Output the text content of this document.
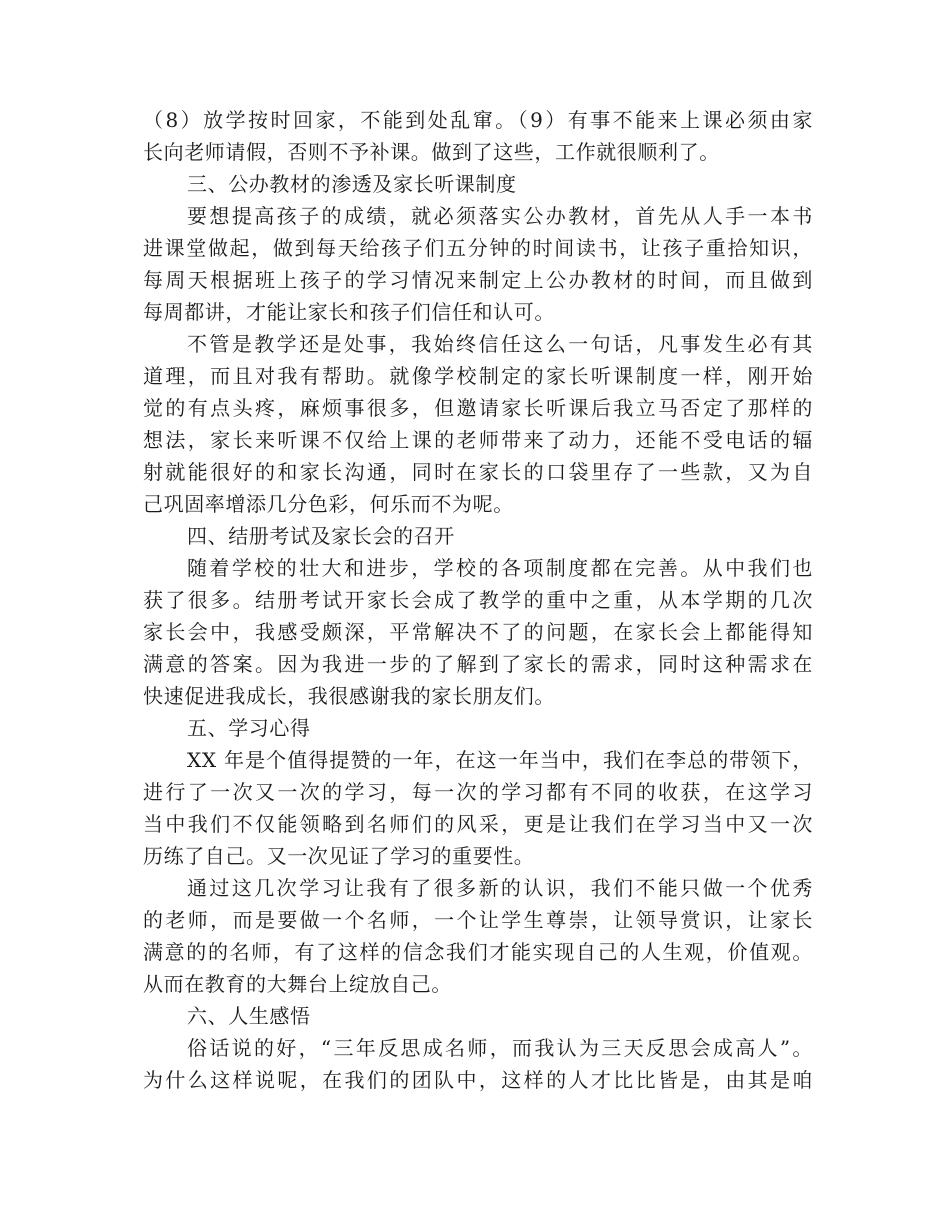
（8）放学按时回家，不能到处乱窜。（9）有事不能来上课必须由家

长向老师请假，否则不予补课。做到了这些，工作就很顺利了。

三、公办教材的渗透及家长听课制度

要想提高孩子的成绩，就必须落实公办教材，首先从人手一本书

进课堂做起，做到每天给孩子们五分钟的时间读书，让孩子重拾知识，

每周天根据班上孩子的学习情况来制定上公办教材的时间，而且做到

每周都讲，才能让家长和孩子们信任和认可。

不管是教学还是处事，我始终信任这么一句话，凡事发生必有其

道理，而且对我有帮助。就像学校制定的家长听课制度一样，刚开始

觉的有点头疼，麻烦事很多，但邀请家长听课后我立马否定了那样的

想法，家长来听课不仅给上课的老师带来了动力，还能不受电话的辐

射就能很好的和家长沟通，同时在家长的口袋里存了一些款，又为自

己巩固率增添几分色彩，何乐而不为呢。

四、结册考试及家长会的召开

随着学校的壮大和进步，学校的各项制度都在完善。从中我们也

获了很多。结册考试开家长会成了教学的重中之重，从本学期的几次

家长会中，我感受颇深，平常解决不了的问题，在家长会上都能得知

满意的答案。因为我进一步的了解到了家长的需求，同时这种需求在

快速促进我成长，我很感谢我的家长朋友们。

五、学习心得

XX 年是个值得提赞的一年，在这一年当中，我们在李总的带领下，

进行了一次又一次的学习，每一次的学习都有不同的收获，在这学习

当中我们不仅能领略到名师们的风采，更是让我们在学习当中又一次

历练了自己。又一次见证了学习的重要性。

通过这几次学习让我有了很多新的认识，我们不能只做一个优秀

的老师，而是要做一个名师，一个让学生尊崇，让领导赏识，让家长

满意的的名师，有了这样的信念我们才能实现自己的人生观，价值观。

从而在教育的大舞台上绽放自己。

六、人生感悟

俗话说的好，“三年反思成名师，而我认为三天反思会成高人”。

为什么这样说呢，在我们的团队中，这样的人才比比皆是，由其是咱
